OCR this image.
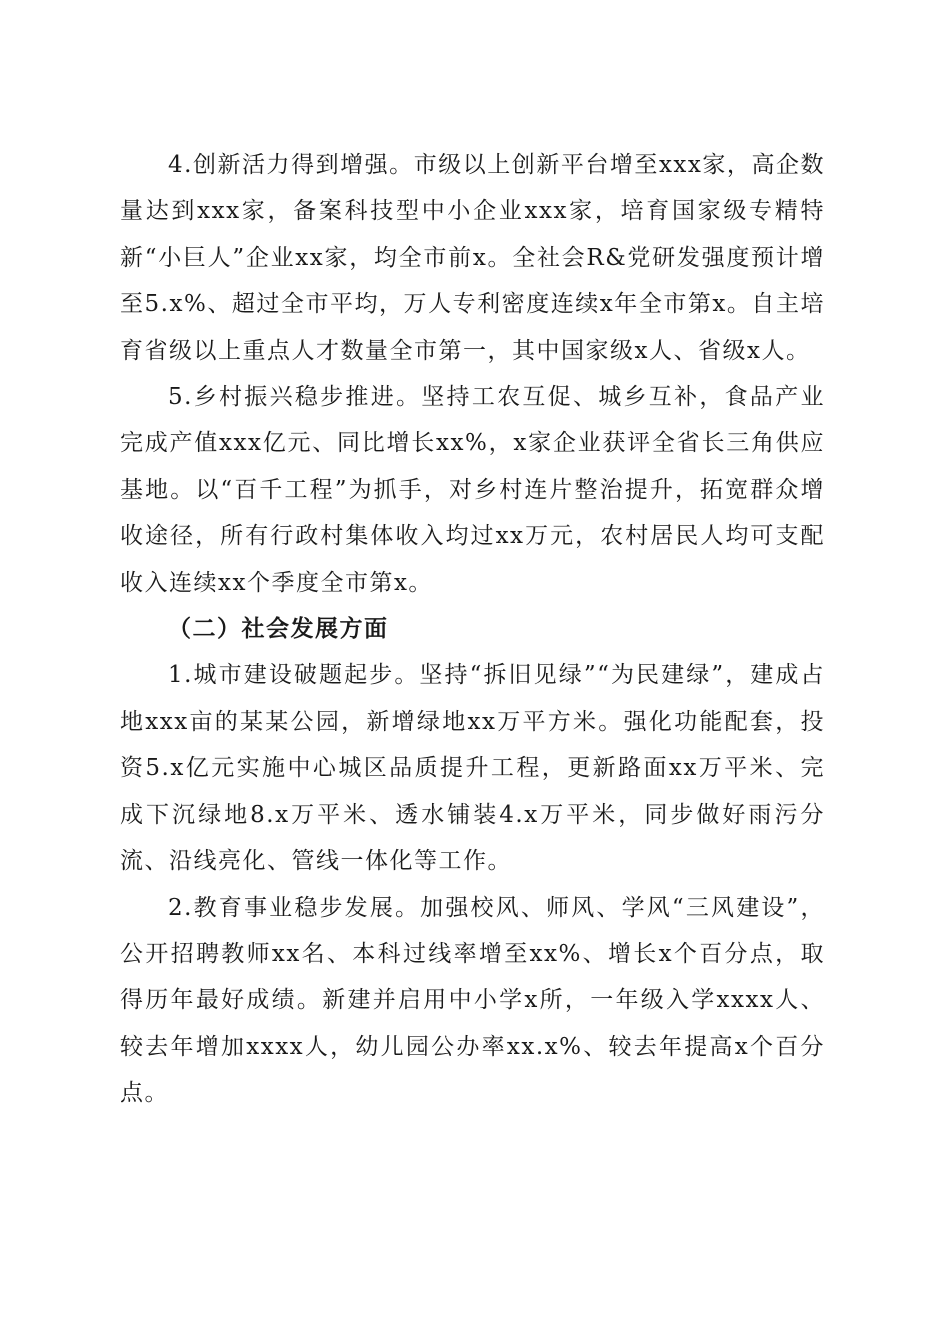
4.创新活力得到增强。市级以上创新平台增至xxx家，高企数量达到xxx家，备案科技型中小企业xxx家，培育国家级专精特新“小巨人”企业xx家，均全市前x。全社会R&党研发强度预计增至5.x%、超过全市平均，万人专利密度连续x年全市第x。自主培育省级以上重点人才数量全市第一，其中国家级x人、省级x人。

5.乡村振兴稳步推进。坚持工农互促、城乡互补，食品产业完成产值xxx亿元、同比增长xx%，x家企业获评全省长三角供应基地。以“百千工程”为抓手，对乡村连片整治提升，拓宽群众增收途径，所有行政村集体收入均过xx万元，农村居民人均可支配收入连续xx个季度全市第x。

（二）社会发展方面

1.城市建设破题起步。坚持“拆旧见绿”“为民建绿”，建成占地xxx亩的某某公园，新增绿地xx万平方米。强化功能配套，投资5.x亿元实施中心城区品质提升工程，更新路面xx万平米、完成下沉绿地8.x万平米、透水铺装4.x万平米，同步做好雨污分流、沿线亮化、管线一体化等工作。

2.教育事业稳步发展。加强校风、师风、学风“三风建设”，公开招聘教师xx名、本科过线率增至xx%、增长x个百分点，取得历年最好成绩。新建并启用中小学x所，一年级入学xxxx人、较去年增加xxxx人，幼儿园公办率xx.x%、较去年提高x个百分点。
